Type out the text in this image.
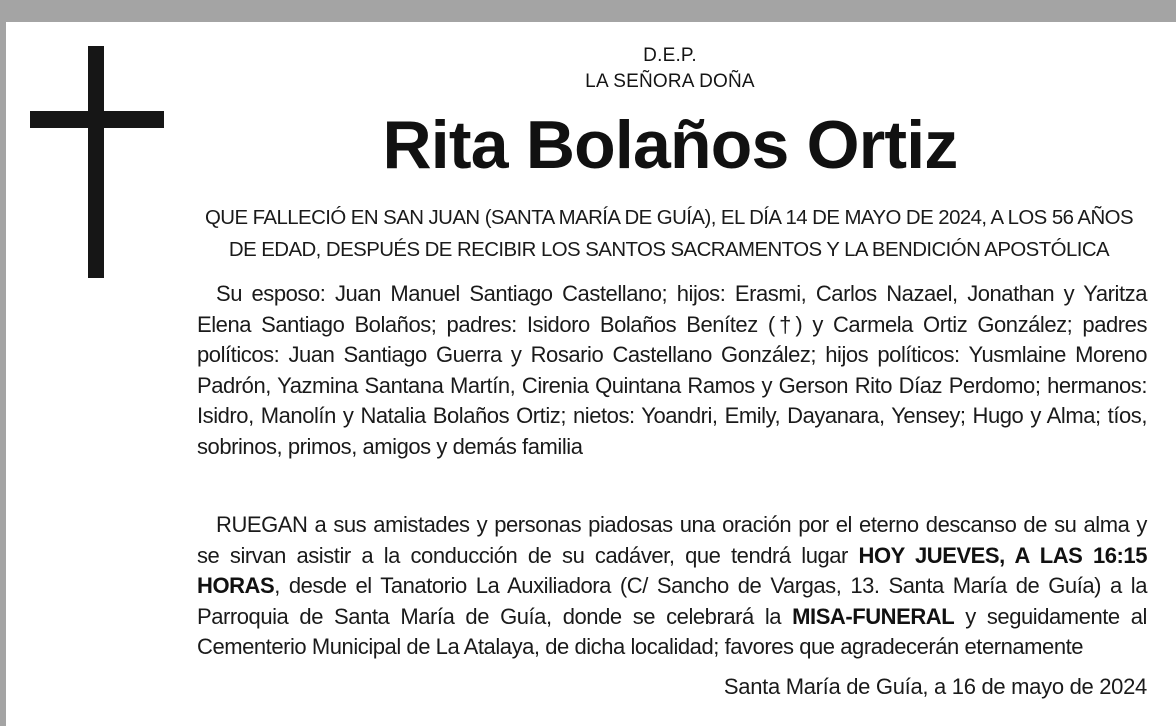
D.E.P.
LA SEÑORA DOÑA
Rita Bolaños Ortiz
QUE FALLECIÓ EN SAN JUAN (SANTA MARÍA DE GUÍA), EL DÍA 14 DE MAYO DE 2024, A LOS 56 AÑOS
DE EDAD, DESPUÉS DE RECIBIR LOS SANTOS SACRAMENTOS Y LA BENDICIÓN APOSTÓLICA
Su esposo: Juan Manuel Santiago Castellano; hijos: Erasmi, Carlos Nazael, Jonathan y Yaritza Elena Santiago Bolaños; padres: Isidoro Bolaños Benítez (†) y Carmela Ortiz González; padres políticos: Juan Santiago Guerra y Rosario Castellano González; hijos políticos: Yusmlaine Moreno Padrón, Yazmina Santana Martín, Cirenia Quintana Ramos y Gerson Rito Díaz Perdomo; hermanos: Isidro, Manolín y Natalia Bolaños Ortiz; nietos: Yoandri, Emily, Dayanara, Yensey; Hugo y Alma; tíos, sobrinos, primos, amigos y demás familia
RUEGAN a sus amistades y personas piadosas una oración por el eterno descanso de su alma y se sirvan asistir a la conducción de su cadáver, que tendrá lugar HOY JUEVES, A LAS 16:15 HORAS, desde el Tanatorio La Auxiliadora (C/ Sancho de Vargas, 13. Santa María de Guía) a la Parroquia de Santa María de Guía, donde se celebrará la MISA-FUNERAL y seguidamente al Cementerio Municipal de La Atalaya, de dicha localidad; favores que agradecerán eternamente
Santa María de Guía, a 16 de mayo de 2024
